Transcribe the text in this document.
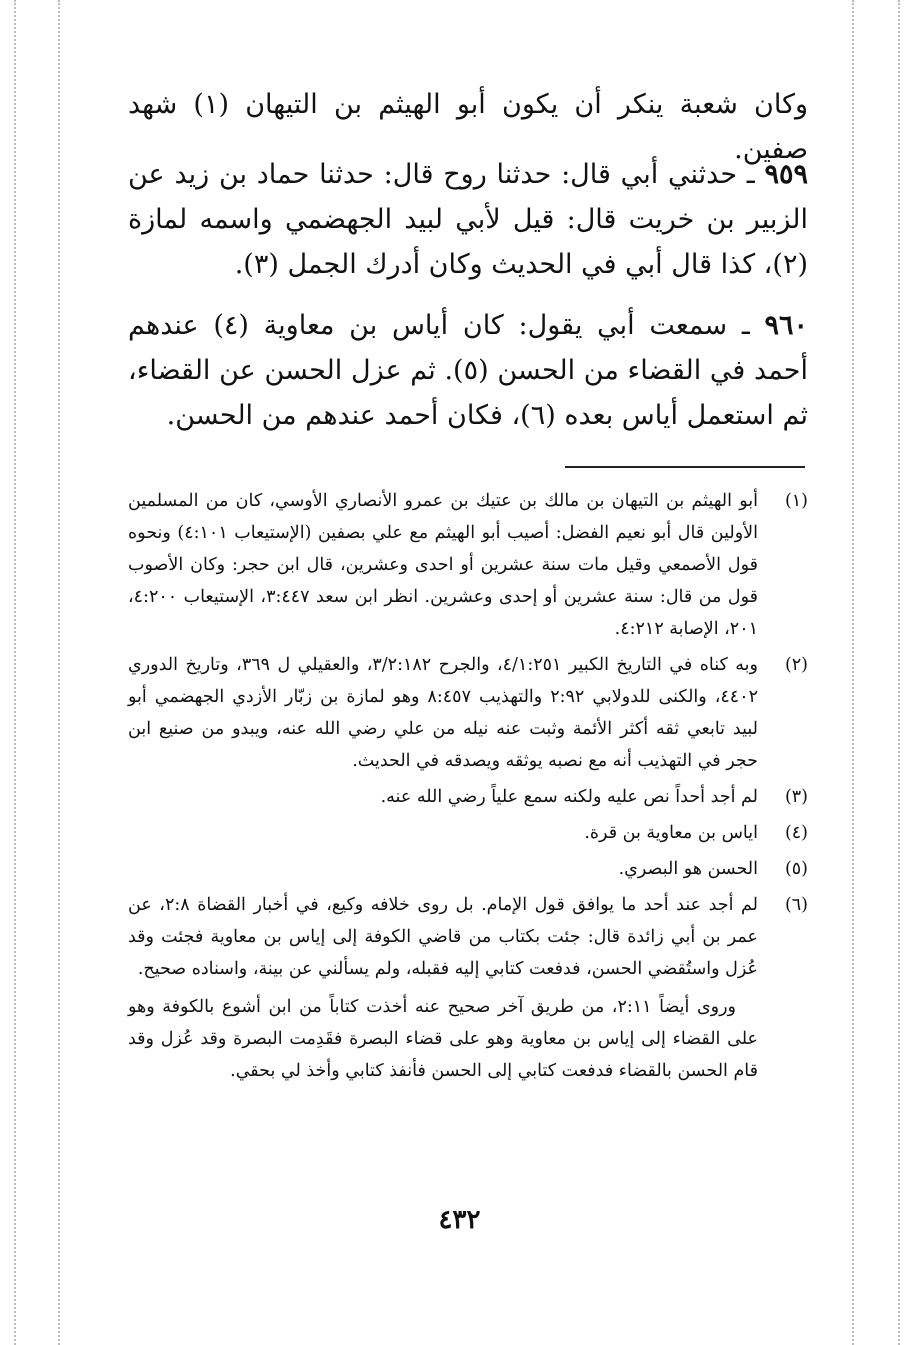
وكان شعبة ينكر أن يكون أبو الهيثم بن التيهان (١) شهد صفين.
٩٥٩ ـ حدثني أبي قال: حدثنا روح قال: حدثنا حماد بن زيد عن الزبير بن خريت قال: قيل لأبي لبيد الجهضمي واسمه لمازة (٢)، كذا قال أبي في الحديث وكان أدرك الجمل (٣).
٩٦٠ ـ سمعت أبي يقول: كان أياس بن معاوية (٤) عندهم أحمد في القضاء من الحسن (٥). ثم عزل الحسن عن القضاء، ثم استعمل أياس بعده (٦)، فكان أحمد عندهم من الحسن.
(١)
أبو الهيثم بن التيهان بن مالك بن عتيك بن عمرو الأنصاري الأوسي، كان من المسلمين الأولين قال أبو نعيم الفضل: أصيب أبو الهيثم مع علي بصفين (الإستيعاب ٤:١٠١) ونحوه قول الأصمعي وقيل مات سنة عشرين أو احدى وعشرين، قال ابن حجر: وكان الأصوب قول من قال: سنة عشرين أو إحدى وعشرين. انظر ابن سعد ٣:٤٤٧، الإستيعاب ٤:٢٠٠، ٢٠١، الإصابة ٤:٢١٢.
(٢)
وبه كناه في التاريخ الكبير ٤/١:٢٥١، والجرح ٣/٢:١٨٢، والعقيلي ل ٣٦٩، وتاريخ الدوري ٤٤٠٢، والكنى للدولابي ٢:٩٢ والتهذيب ٨:٤٥٧ وهو لمازة بن زبّار الأزدي الجهضمي أبو لبيد تابعي ثقه أكثر الأئمة وثبت عنه نيله من علي رضي الله عنه، ويبدو من صنيع ابن حجر في التهذيب أنه مع نصبه يوثقه ويصدقه في الحديث.
(٣)
لم أجد أحداً نص عليه ولكنه سمع علياً رضي الله عنه.
(٤)
اياس بن معاوية بن قرة.
(٥)
الحسن هو البصري.
(٦)
لم أجد عند أحد ما يوافق قول الإمام. بل روى خلافه وكيع، في أخبار القضاة ٢:٨، عن عمر بن أبي زائدة قال: جئت بكتاب من قاضي الكوفة إلى إياس بن معاوية فجئت وقد عُزل واستُقضي الحسن، فدفعت كتابي إليه فقبله، ولم يسألني عن بينة، واسناده صحيح.
وروى أيضاً ٢:١١، من طريق آخر صحيح عنه أخذت كتاباً من ابن أشوع بالكوفة وهو على القضاء إلى إياس بن معاوية وهو على قضاء البصرة فقَدِمت البصرة وقد عُزل وقد قام الحسن بالقضاء فدفعت كتابي إلى الحسن فأنفذ كتابي وأخذ لي بحقي.
٤٣٢
